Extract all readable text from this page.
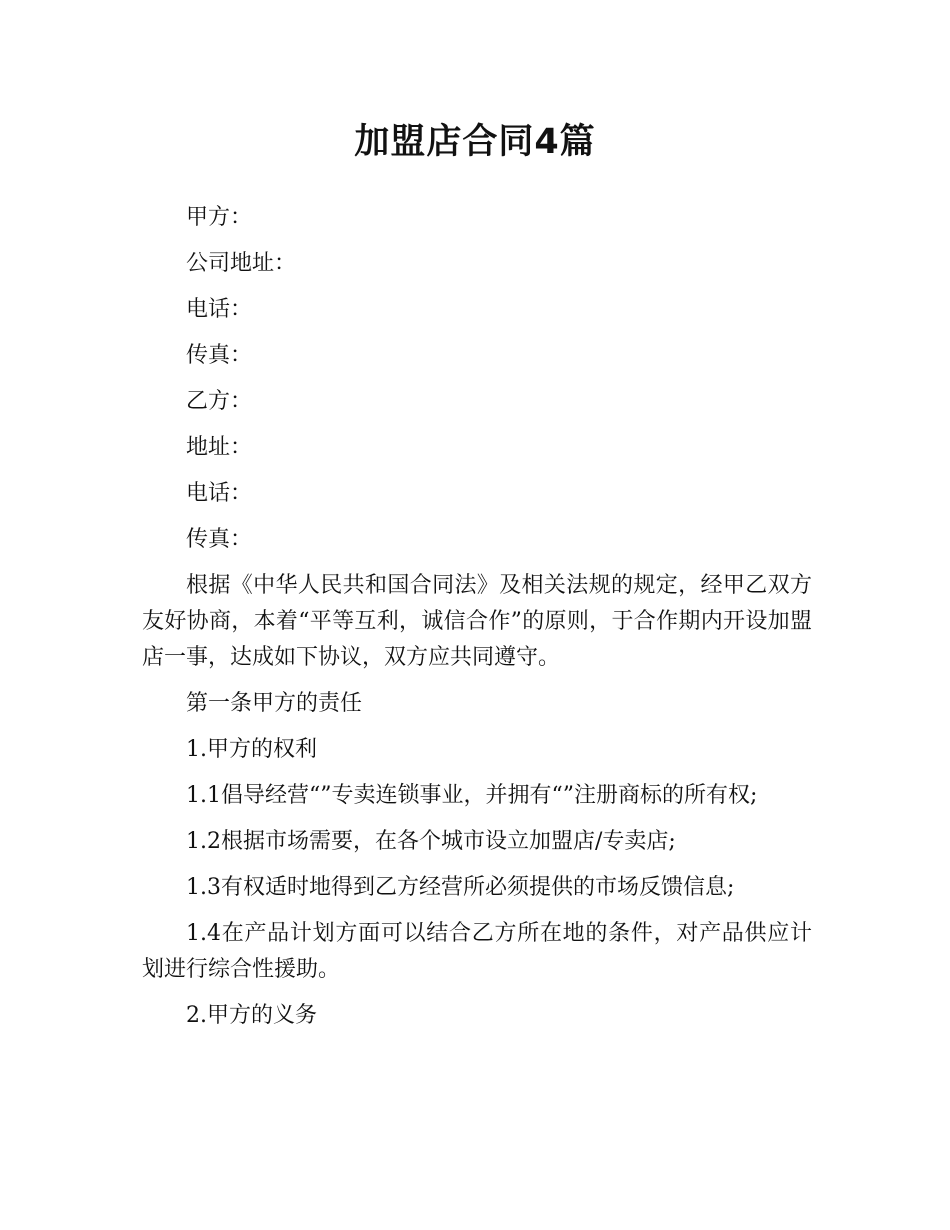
加盟店合同4篇

甲方：

公司地址：

电话：

传真：

乙方：

地址：

电话：

传真：

根据《中华人民共和国合同法》及相关法规的规定，经甲乙双方友好协商，本着“平等互利，诚信合作”的原则，于合作期内开设加盟店一事，达成如下协议，双方应共同遵守。

第一条甲方的责任

1.甲方的权利

1.1倡导经营“”专卖连锁事业，并拥有“”注册商标的所有权;

1.2根据市场需要，在各个城市设立加盟店/专卖店;

1.3有权适时地得到乙方经营所必须提供的市场反馈信息;

1.4在产品计划方面可以结合乙方所在地的条件，对产品供应计划进行综合性援助。

2.甲方的义务
